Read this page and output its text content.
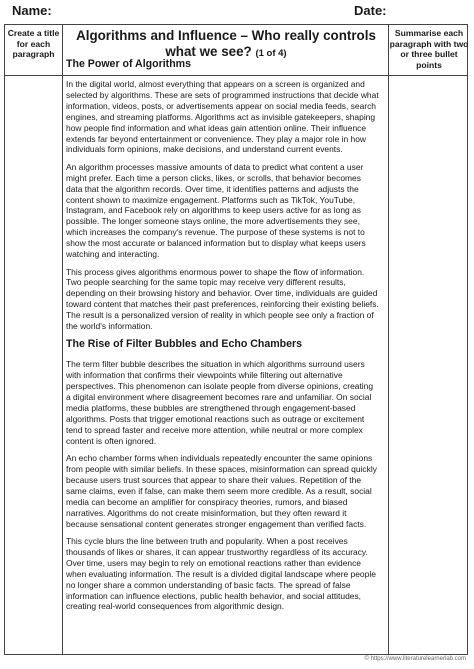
Name:	Date:
Create a title for each paragraph
Summarise each paragraph with two or three bullet points
Algorithms and Influence – Who really controls what we see? (1 of 4)
The Power of Algorithms

In the digital world, almost everything that appears on a screen is organized and selected by algorithms. These are sets of programmed instructions that decide what information, videos, posts, or advertisements appear on social media feeds, search engines, and streaming platforms. Algorithms act as invisible gatekeepers, shaping how people find information and what ideas gain attention online. Their influence extends far beyond entertainment or convenience. They play a major role in how individuals form opinions, make decisions, and understand current events.

An algorithm processes massive amounts of data to predict what content a user might prefer. Each time a person clicks, likes, or scrolls, that behavior becomes data that the algorithm records. Over time, it identifies patterns and adjusts the content shown to maximize engagement. Platforms such as TikTok, YouTube, Instagram, and Facebook rely on algorithms to keep users active for as long as possible. The longer someone stays online, the more advertisements they see, which increases the company's revenue. The purpose of these systems is not to show the most accurate or balanced information but to display what keeps users watching and interacting.

This process gives algorithms enormous power to shape the flow of information. Two people searching for the same topic may receive very different results, depending on their browsing history and behavior. Over time, individuals are guided toward content that matches their past preferences, reinforcing their existing beliefs. The result is a personalized version of reality in which people see only a fraction of the world's information.

The Rise of Filter Bubbles and Echo Chambers

The term filter bubble describes the situation in which algorithms surround users with information that confirms their viewpoints while filtering out alternative perspectives. This phenomenon can isolate people from diverse opinions, creating a digital environment where disagreement becomes rare and unfamiliar. On social media platforms, these bubbles are strengthened through engagement-based algorithms. Posts that trigger emotional reactions such as outrage or excitement tend to spread faster and receive more attention, while neutral or more complex content is often ignored.

An echo chamber forms when individuals repeatedly encounter the same opinions from people with similar beliefs. In these spaces, misinformation can spread quickly because users trust sources that appear to share their values. Repetition of the same claims, even if false, can make them seem more credible. As a result, social media can become an amplifier for conspiracy theories, rumors, and biased narratives. Algorithms do not create misinformation, but they often reward it because sensational content generates stronger engagement than verified facts.

This cycle blurs the line between truth and popularity. When a post receives thousands of likes or shares, it can appear trustworthy regardless of its accuracy. Over time, users may begin to rely on emotional reactions rather than evidence when evaluating information. The result is a divided digital landscape where people no longer share a common understanding of basic facts. The spread of false information can influence elections, public health behavior, and social attitudes, creating real-world consequences from algorithmic design.

© https://www.literaturelearnerlab.com
